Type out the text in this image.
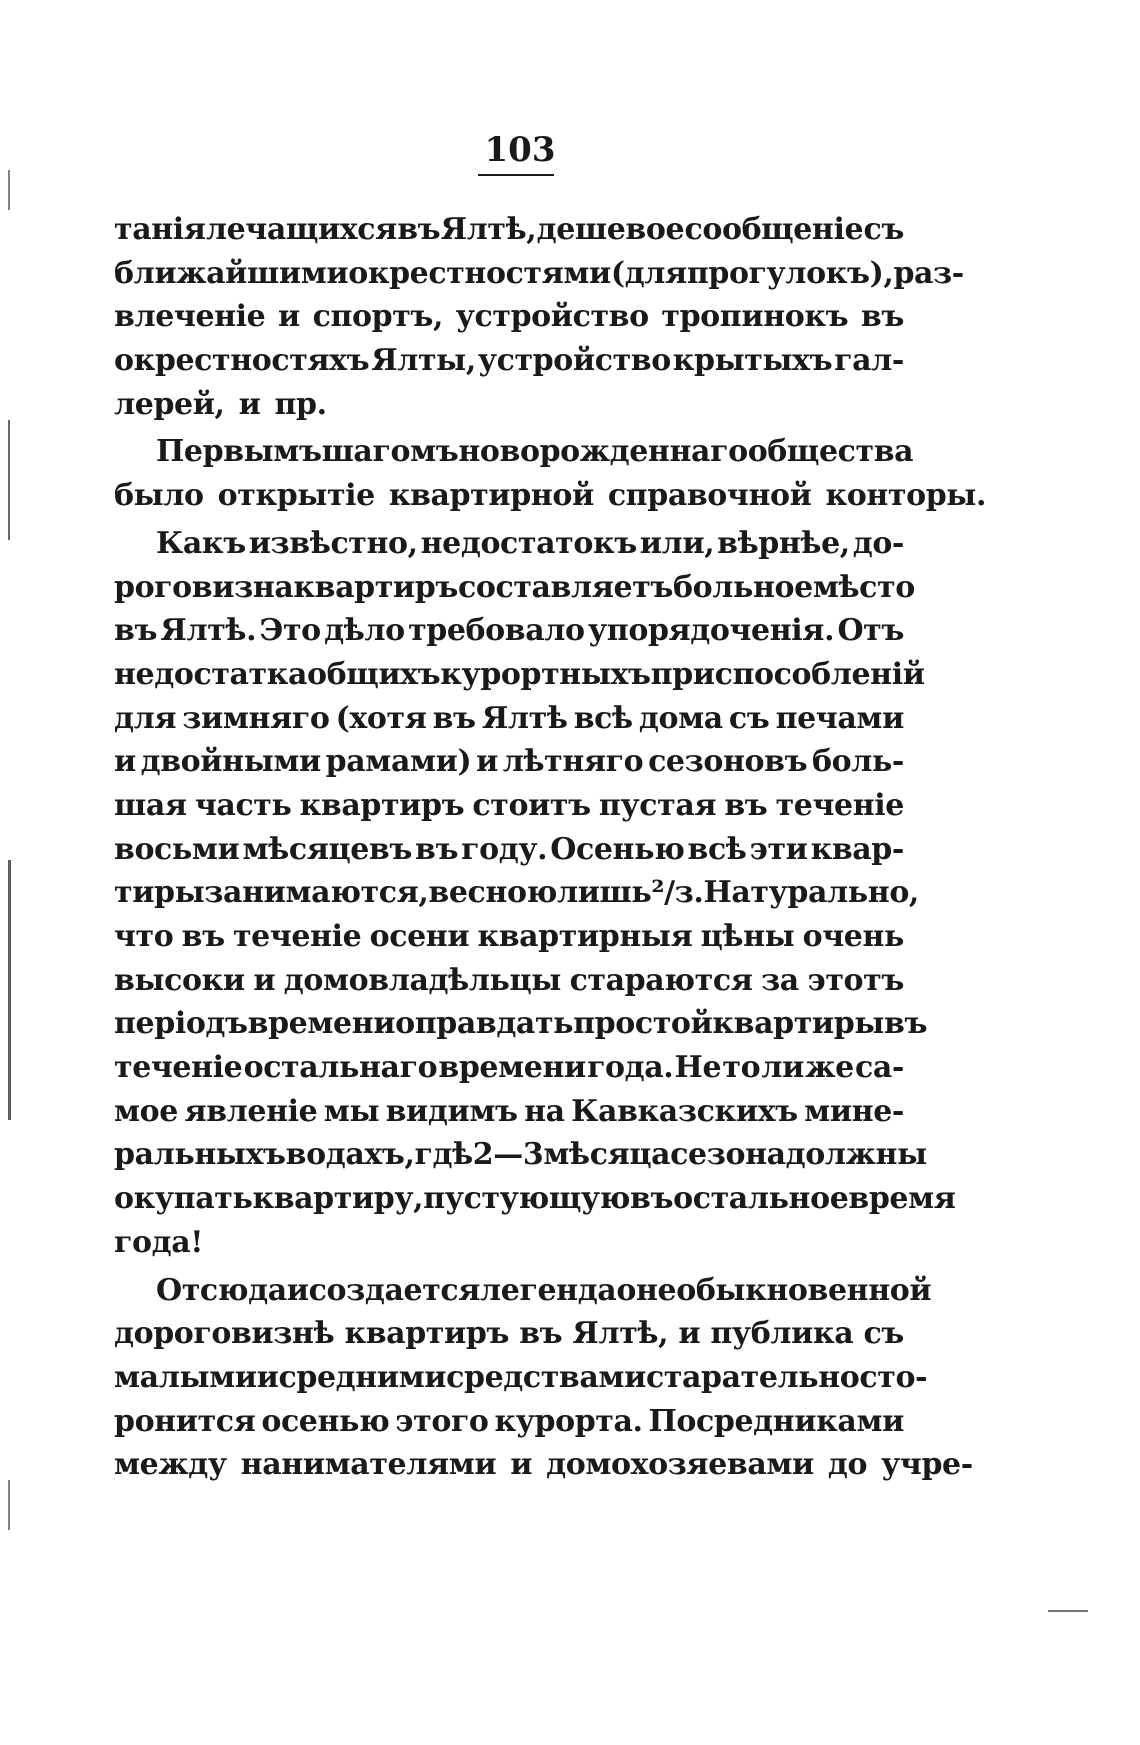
103
танія лечащихся въ Ялтѣ, дешевое сообщеніе съ
ближайшими окрестностями (для прогулокъ), раз-
влеченіе и спортъ, устройство тропинокъ въ
окрестностяхъ Ялты, устройство крытыхъ гал-
лерей, и пр.
Первымъ шагомъ новорожденнаго общества
было открытіе квартирной справочной конторы.
Какъ извѣстно, недостатокъ или, вѣрнѣе, до-
роговизна квартиръ составляетъ больное мѣсто
въ Ялтѣ. Это дѣло требовало упорядоченія. Отъ
недостатка общихъ курортныхъ приспособленій
для зимняго (хотя въ Ялтѣ всѣ дома съ печами
и двойными рамами) и лѣтняго сезоновъ боль-
шая часть квартиръ стоитъ пустая въ теченіе
восьми мѣсяцевъ въ году. Осенью всѣ эти квар-
тиры занимаются, весною лишь ²/з. Натурально,
что въ теченіе осени квартирныя цѣны очень
высоки и домовладѣльцы стараются за этотъ
періодъ времени оправдать простой квартиры въ
теченіе остальнаго времени года. Не то ли же са-
мое явленіе мы видимъ на Кавказскихъ мине-
ральныхъ водахъ, гдѣ 2—3 мѣсяца сезона должны
окупать квартиру, пустующую въ остальное время
года!
Отсюда и создается легенда о необыкновенной
дороговизнѣ квартиръ въ Ялтѣ, и публика съ
малыми и средними средствами старательно сто-
ронится осенью этого курорта. Посредниками
между нанимателями и домохозяевами до учре-
